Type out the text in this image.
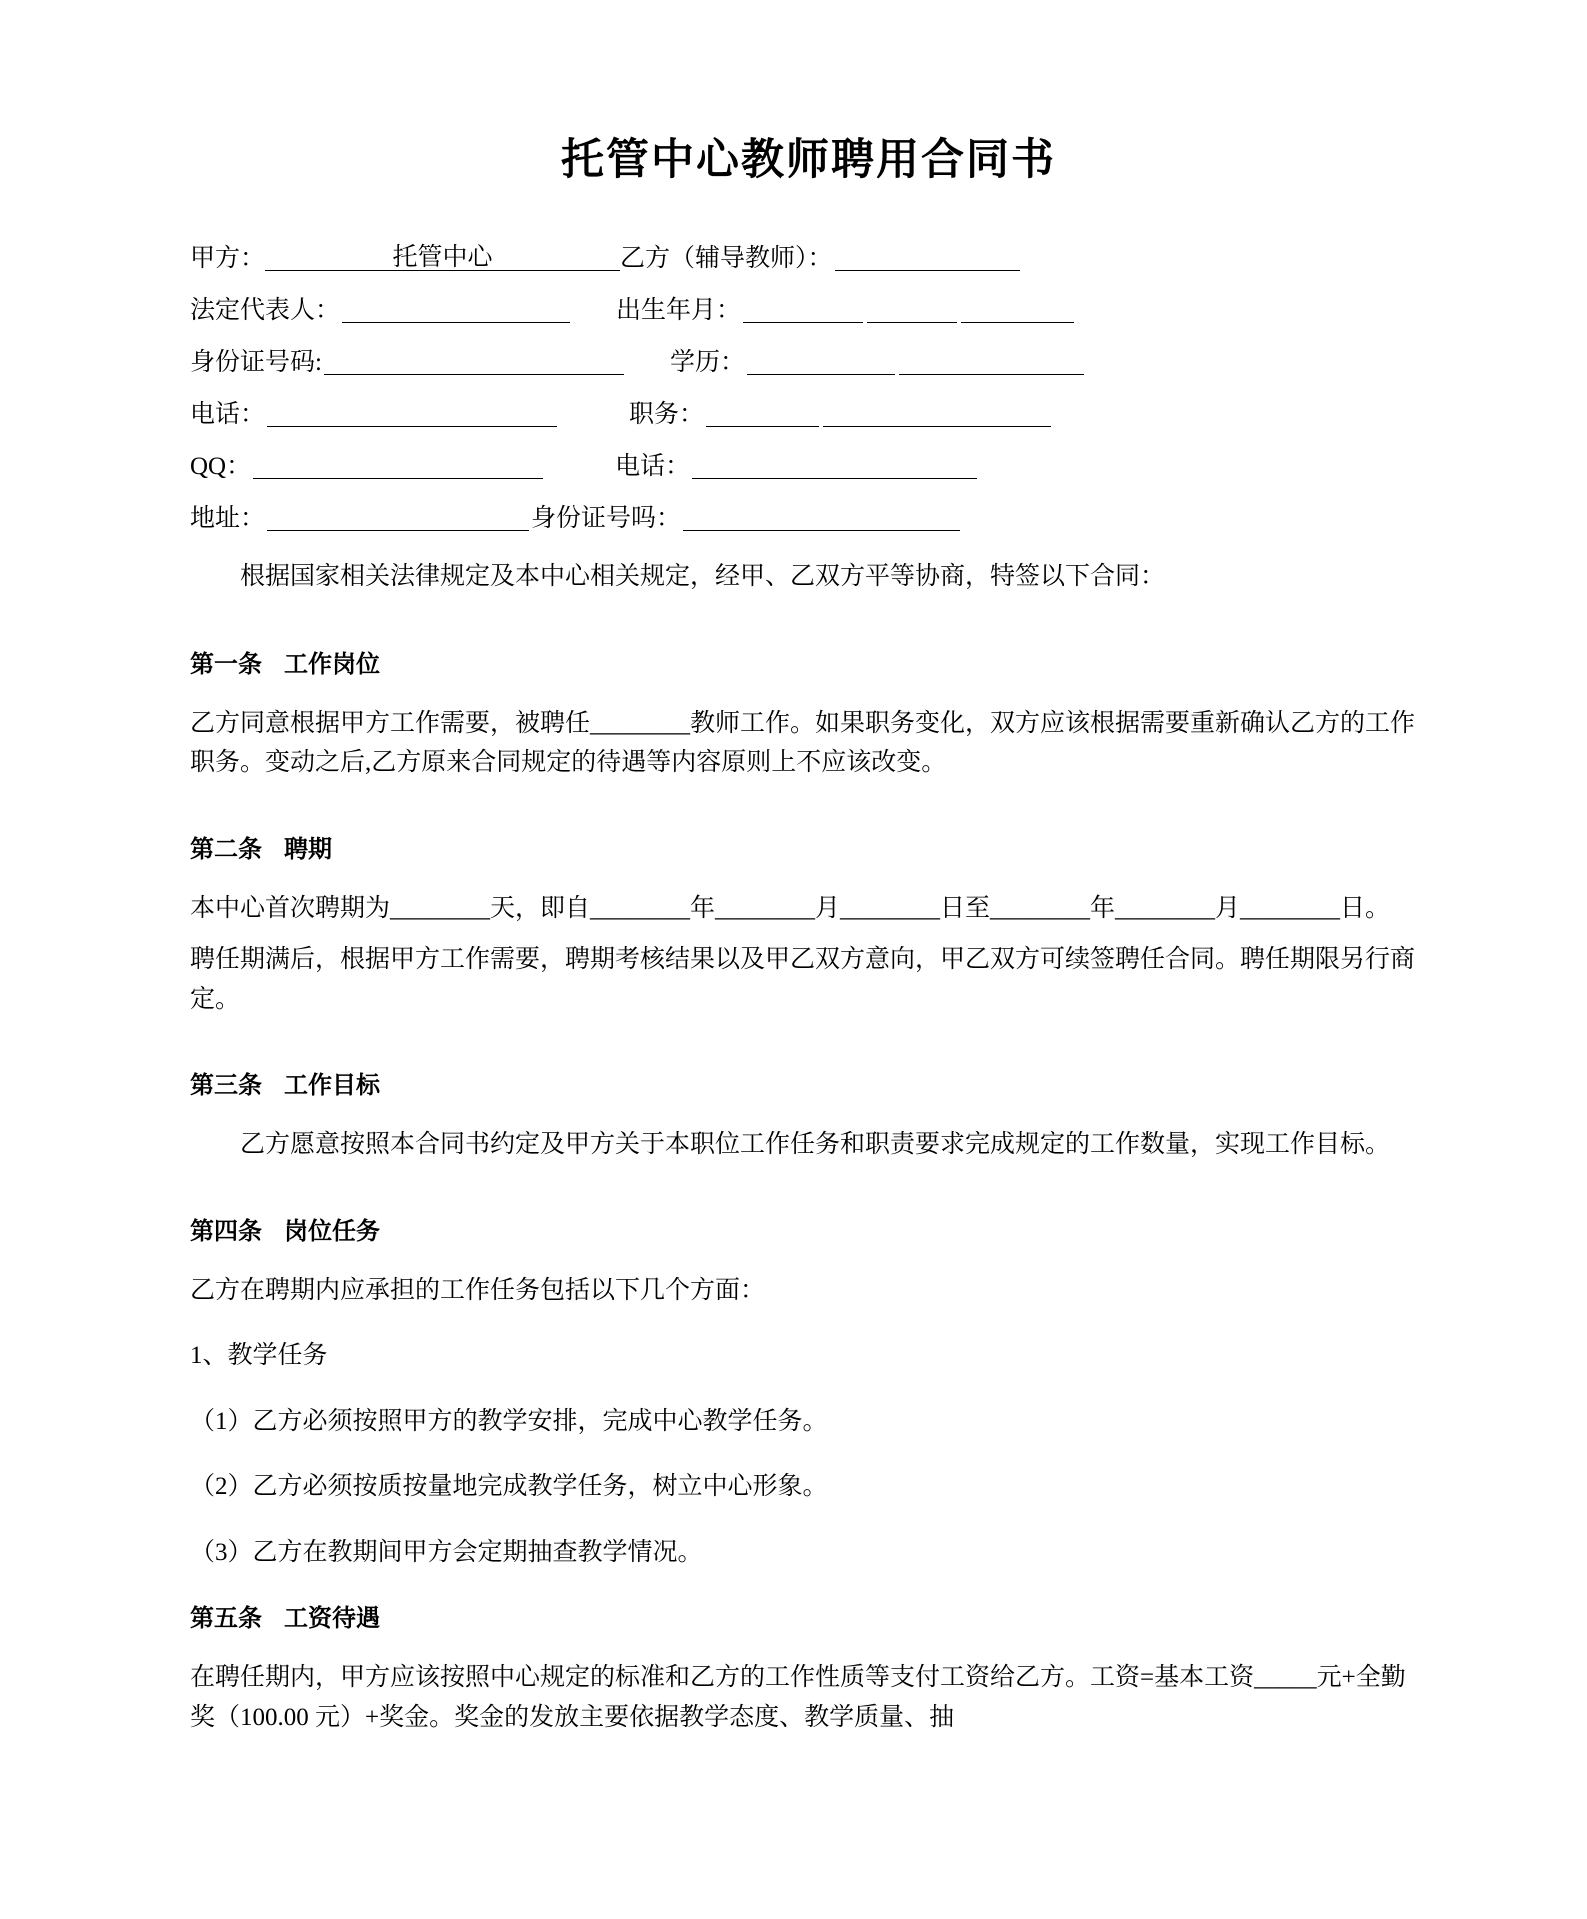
托管中心教师聘用合同书
甲方：	托管中心	乙方（辅导教师）：
法定代表人：	出生年月：
身份证号码:	学历：
电话：	职务：
QQ：	电话：
地址：	身份证号吗：

根据国家相关法律规定及本中心相关规定，经甲、乙双方平等协商，特签以下合同：

第一条 工作岗位

乙方同意根据甲方工作需要，被聘任________教师工作。如果职务变化，双方应该根据需要重新确认乙方的工作职务。变动之后,乙方原来合同规定的待遇等内容原则上不应该改变。

第二条 聘期

本中心首次聘期为________天，即自________年________月________日至________年________月________日。

聘任期满后，根据甲方工作需要，聘期考核结果以及甲乙双方意向，甲乙双方可续签聘任合同。聘任期限另行商定。

第三条 工作目标

乙方愿意按照本合同书约定及甲方关于本职位工作任务和职责要求完成规定的工作数量，实现工作目标。

第四条 岗位任务

乙方在聘期内应承担的工作任务包括以下几个方面：

1、教学任务

（1）乙方必须按照甲方的教学安排，完成中心教学任务。

（2）乙方必须按质按量地完成教学任务，树立中心形象。

（3）乙方在教期间甲方会定期抽查教学情况。

第五条 工资待遇

在聘任期内，甲方应该按照中心规定的标准和乙方的工作性质等支付工资给乙方。工资=基本工资_____元+全勤奖（100.00 元）+奖金。奖金的发放主要依据教学态度、教学质量、抽
